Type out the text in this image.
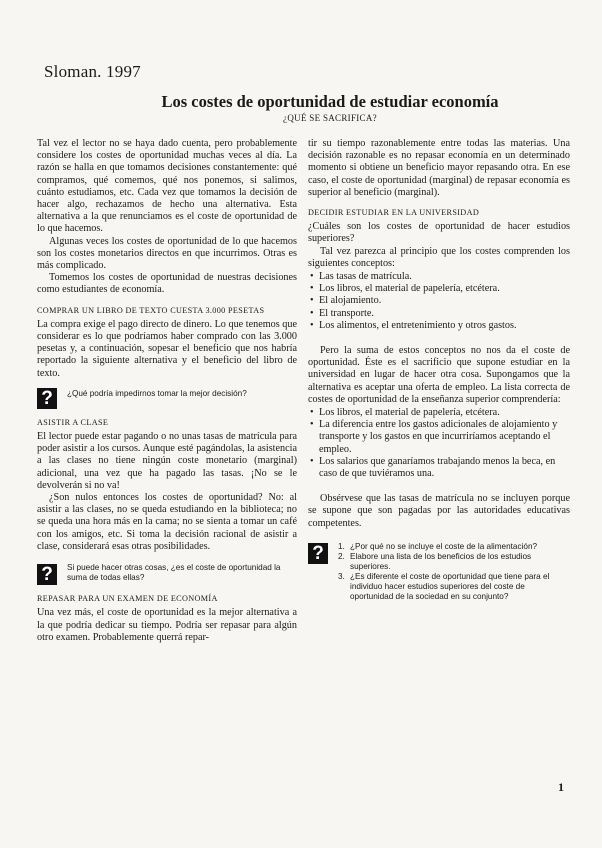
Sloman. 1997
Los costes de oportunidad de estudiar economía
¿QUÉ SE SACRIFICA?

Tal vez el lector no se haya dado cuenta, pero probablemente considere los costes de oportunidad muchas veces al día. La razón se halla en que tomamos decisiones constantemente: qué compramos, qué comemos, qué nos ponemos, si salimos, cuánto estudiamos, etc. Cada vez que tomamos la decisión de hacer algo, rechazamos de hecho una alternativa. Esta alternativa a la que renunciamos es el coste de oportunidad de lo que hacemos.

Algunas veces los costes de oportunidad de lo que hacemos son los costes monetarios directos en que incurrimos. Otras es más complicado.

Tomemos los costes de oportunidad de nuestras decisiones como estudiantes de economía.

COMPRAR UN LIBRO DE TEXTO CUESTA 3.000 PESETAS

La compra exige el pago directo de dinero. Lo que tenemos que considerar es lo que podríamos haber comprado con las 3.000 pesetas y, a continuación, sopesar el beneficio que nos habría reportado la siguiente alternativa y el beneficio del libro de texto.

?	¿Qué podría impedirnos tomar la mejor decisión?
ASISTIR A CLASE

El lector puede estar pagando o no unas tasas de matrícula para poder asistir a los cursos. Aunque esté pagándolas, la asistencia a las clases no tiene ningún coste monetario (marginal) adicional, una vez que ha pagado las tasas. ¡No se le devolverán si no va!

¿Son nulos entonces los costes de oportunidad? No: al asistir a las clases, no se queda estudiando en la biblioteca; no se queda una hora más en la cama; no se sienta a tomar un café con los amigos, etc. Si toma la decisión racional de asistir a clase, considerará esas otras posibilidades.

?	Si puede hacer otras cosas, ¿es el coste de oportunidad la suma de todas ellas?
REPASAR PARA UN EXAMEN DE ECONOMÍA

Una vez más, el coste de oportunidad es la mejor alternativa a la que podría dedicar su tiempo. Podría ser repasar para algún otro examen. Probablemente querrá repar-

tir su tiempo razonablemente entre todas las materias. Una decisión razonable es no repasar economía en un determinado momento si obtiene un beneficio mayor repasando otra. En ese caso, el coste de oportunidad (marginal) de repasar economía es superior al beneficio (marginal).

DECIDIR ESTUDIAR EN LA UNIVERSIDAD

¿Cuáles son los costes de oportunidad de hacer estudios superiores?

Tal vez parezca al principio que los costes comprenden los siguientes conceptos:

• Las tasas de matrícula.
• Los libros, el material de papelería, etcétera.
• El alojamiento.
• El transporte.
• Los alimentos, el entretenimiento y otros gastos.

Pero la suma de estos conceptos no nos da el coste de oportunidad. Éste es el sacrificio que supone estudiar en la universidad en lugar de hacer otra cosa. Supongamos que la alternativa es aceptar una oferta de empleo. La lista correcta de costes de oportunidad de la enseñanza superior comprendería:

• Los libros, el material de papelería, etcétera.
• La diferencia entre los gastos adicionales de alojamiento y transporte y los gastos en que incurriríamos aceptando el empleo.
• Los salarios que ganaríamos trabajando menos la beca, en caso de que tuviéramos una.

Obsérvese que las tasas de matrícula no se incluyen porque se supone que son pagadas por las autoridades educativas competentes.

?	1. ¿Por qué no se incluye el coste de la alimentación?
2. Elabore una lista de los beneficios de los estudios superiores.
3. ¿Es diferente el coste de oportunidad que tiene para el individuo hacer estudios superiores del coste de oportunidad de la sociedad en su conjunto?
1
